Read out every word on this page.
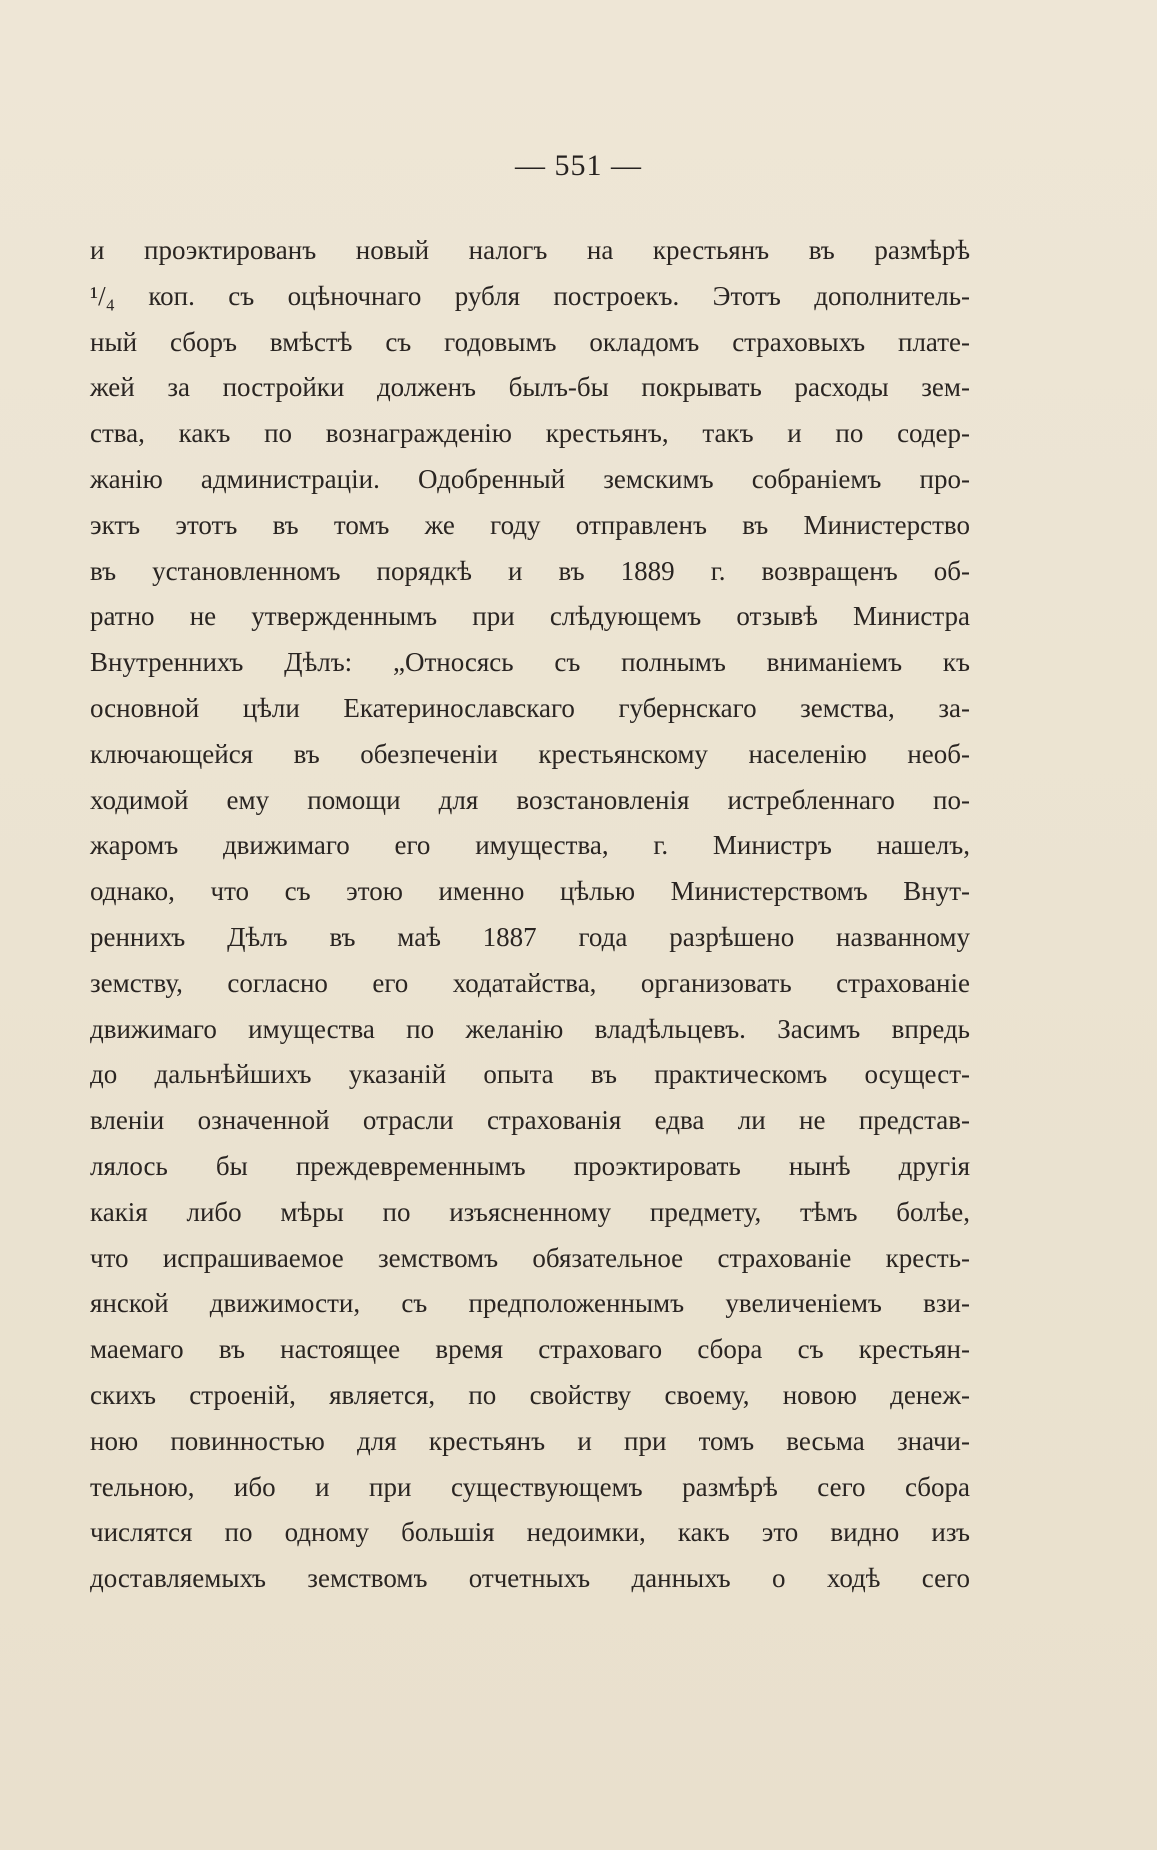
— 551 —
и проэктированъ новый налогъ на крестьянъ въ размѣрѣ
¹/₄ коп. съ оцѣночнаго рубля построекъ. Этотъ дополнитель-
ный сборъ вмѣстѣ съ годовымъ окладомъ страховыхъ плате-
жей за постройки долженъ былъ-бы покрывать расходы зем-
ства, какъ по вознагражденію крестьянъ, такъ и по содер-
жанію администраціи. Одобренный земскимъ собраніемъ про-
эктъ этотъ въ томъ же году отправленъ въ Министерство
въ установленномъ порядкѣ и въ 1889 г. возвращенъ об-
ратно не утвержденнымъ при слѣдующемъ отзывѣ Министра
Внутреннихъ Дѣлъ: „Относясь съ полнымъ вниманіемъ къ
основной цѣли Екатеринославскаго губернскаго земства, за-
ключающейся въ обезпеченіи крестьянскому населенію необ-
ходимой ему помощи для возстановленія истребленнаго по-
жаромъ движимаго его имущества, г. Министръ нашелъ,
однако, что съ этою именно цѣлью Министерствомъ Внут-
реннихъ Дѣлъ въ маѣ 1887 года разрѣшено названному
земству, согласно его ходатайства, организовать страхованіе
движимаго имущества по желанію владѣльцевъ. Засимъ впредь
до дальнѣйшихъ указаній опыта въ практическомъ осущест-
вленіи означенной отрасли страхованія едва ли не представ-
лялось бы преждевременнымъ проэктировать нынѣ другія
какія либо мѣры по изъясненному предмету, тѣмъ болѣе,
что испрашиваемое земствомъ обязательное страхованіе кресть-
янской движимости, съ предположеннымъ увеличеніемъ взи-
маемаго въ настоящее время страховаго сбора съ крестьян-
скихъ строеній, является, по свойству своему, новою денеж-
ною повинностью для крестьянъ и при томъ весьма значи-
тельною, ибо и при существующемъ размѣрѣ сего сбора
числятся по одному большія недоимки, какъ это видно изъ
доставляемыхъ земствомъ отчетныхъ данныхъ о ходѣ сего
